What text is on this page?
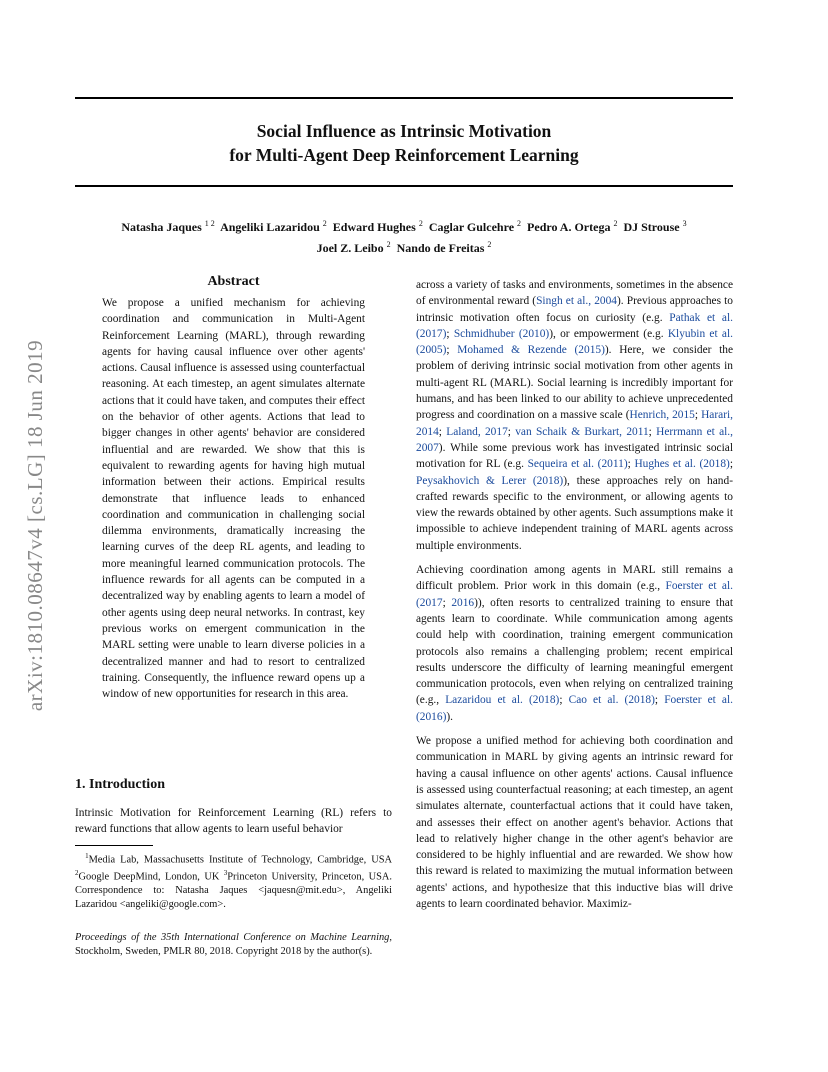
arXiv:1810.08647v4 [cs.LG] 18 Jun 2019
Social Influence as Intrinsic Motivation
for Multi-Agent Deep Reinforcement Learning
Natasha Jaques $^{1 2}$ Angeliki Lazaridou $^2$ Edward Hughes $^2$ Caglar Gulcehre $^2$ Pedro A. Ortega $^2$ DJ Strouse $^3$
Joel Z. Leibo $^2$ Nando de Freitas $^2$
Abstract

We propose a unified mechanism for achieving coordination and communication in Multi-Agent Reinforcement Learning (MARL), through rewarding agents for having causal influence over other agents' actions. Causal influence is assessed using counterfactual reasoning. At each timestep, an agent simulates alternate actions that it could have taken, and computes their effect on the behavior of other agents. Actions that lead to bigger changes in other agents' behavior are considered influential and are rewarded. We show that this is equivalent to rewarding agents for having high mutual information between their actions. Empirical results demonstrate that influence leads to enhanced coordination and communication in challenging social dilemma environments, dramatically increasing the learning curves of the deep RL agents, and leading to more meaningful learned communication protocols. The influence rewards for all agents can be computed in a decentralized way by enabling agents to learn a model of other agents using deep neural networks. In contrast, key previous works on emergent communication in the MARL setting were unable to learn diverse policies in a decentralized manner and had to resort to centralized training. Consequently, the influence reward opens up a window of new opportunities for research in this area.

1. Introduction

Intrinsic Motivation for Reinforcement Learning (RL) refers to reward functions that allow agents to learn useful behavior

$^1$Media Lab, Massachusetts Institute of Technology, Cambridge, USA $^2$Google DeepMind, London, UK $^3$Princeton University, Princeton, USA. Correspondence to: Natasha Jaques <jaquesn@mit.edu>, Angeliki Lazaridou <angeliki@google.com>.
Proceedings of the 35th International Conference on Machine Learning, Stockholm, Sweden, PMLR 80, 2018. Copyright 2018 by the author(s).

across a variety of tasks and environments, sometimes in the absence of environmental reward (Singh et al., 2004). Previous approaches to intrinsic motivation often focus on curiosity (e.g. Pathak et al. (2017); Schmidhuber (2010)), or empowerment (e.g. Klyubin et al. (2005); Mohamed & Rezende (2015)). Here, we consider the problem of deriving intrinsic social motivation from other agents in multi-agent RL (MARL). Social learning is incredibly important for humans, and has been linked to our ability to achieve unprecedented progress and coordination on a massive scale (Henrich, 2015; Harari, 2014; Laland, 2017; van Schaik & Burkart, 2011; Herrmann et al., 2007). While some previous work has investigated intrinsic social motivation for RL (e.g. Sequeira et al. (2011); Hughes et al. (2018); Peysakhovich & Lerer (2018)), these approaches rely on hand-crafted rewards specific to the environment, or allowing agents to view the rewards obtained by other agents. Such assumptions make it impossible to achieve independent training of MARL agents across multiple environments.

Achieving coordination among agents in MARL still remains a difficult problem. Prior work in this domain (e.g., Foerster et al. (2017; 2016)), often resorts to centralized training to ensure that agents learn to coordinate. While communication among agents could help with coordination, training emergent communication protocols also remains a challenging problem; recent empirical results underscore the difficulty of learning meaningful emergent communication protocols, even when relying on centralized training (e.g., Lazaridou et al. (2018); Cao et al. (2018); Foerster et al. (2016)).

We propose a unified method for achieving both coordination and communication in MARL by giving agents an intrinsic reward for having a causal influence on other agents' actions. Causal influence is assessed using counterfactual reasoning; at each timestep, an agent simulates alternate, counterfactual actions that it could have taken, and assesses their effect on another agent's behavior. Actions that lead to relatively higher change in the other agent's behavior are considered to be highly influential and are rewarded. We show how this reward is related to maximizing the mutual information between agents' actions, and hypothesize that this inductive bias will drive agents to learn coordinated behavior. Maximiz-
